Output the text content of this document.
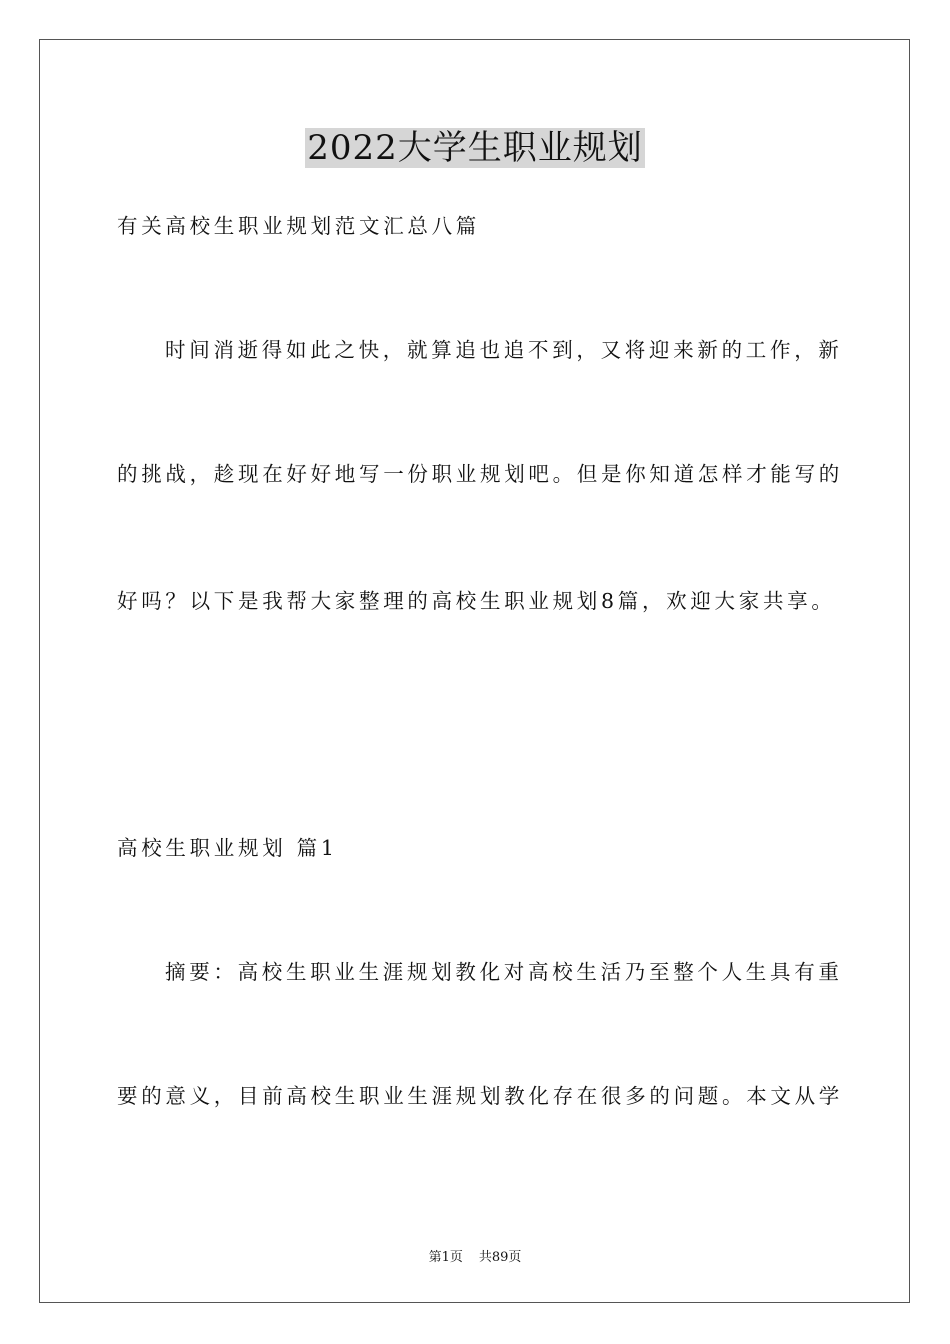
2022大学生职业规划
有关高校生职业规划范文汇总八篇
时间消逝得如此之快，就算追也追不到，又将迎来新的工作，新
的挑战，趁现在好好地写一份职业规划吧。但是你知道怎样才能写的
好吗？以下是我帮大家整理的高校生职业规划8篇，欢迎大家共享。
高校生职业规划 篇1
摘要：高校生职业生涯规划教化对高校生活乃至整个人生具有重
要的意义，目前高校生职业生涯规划教化存在很多的问题。本文从学
第1页 共89页
